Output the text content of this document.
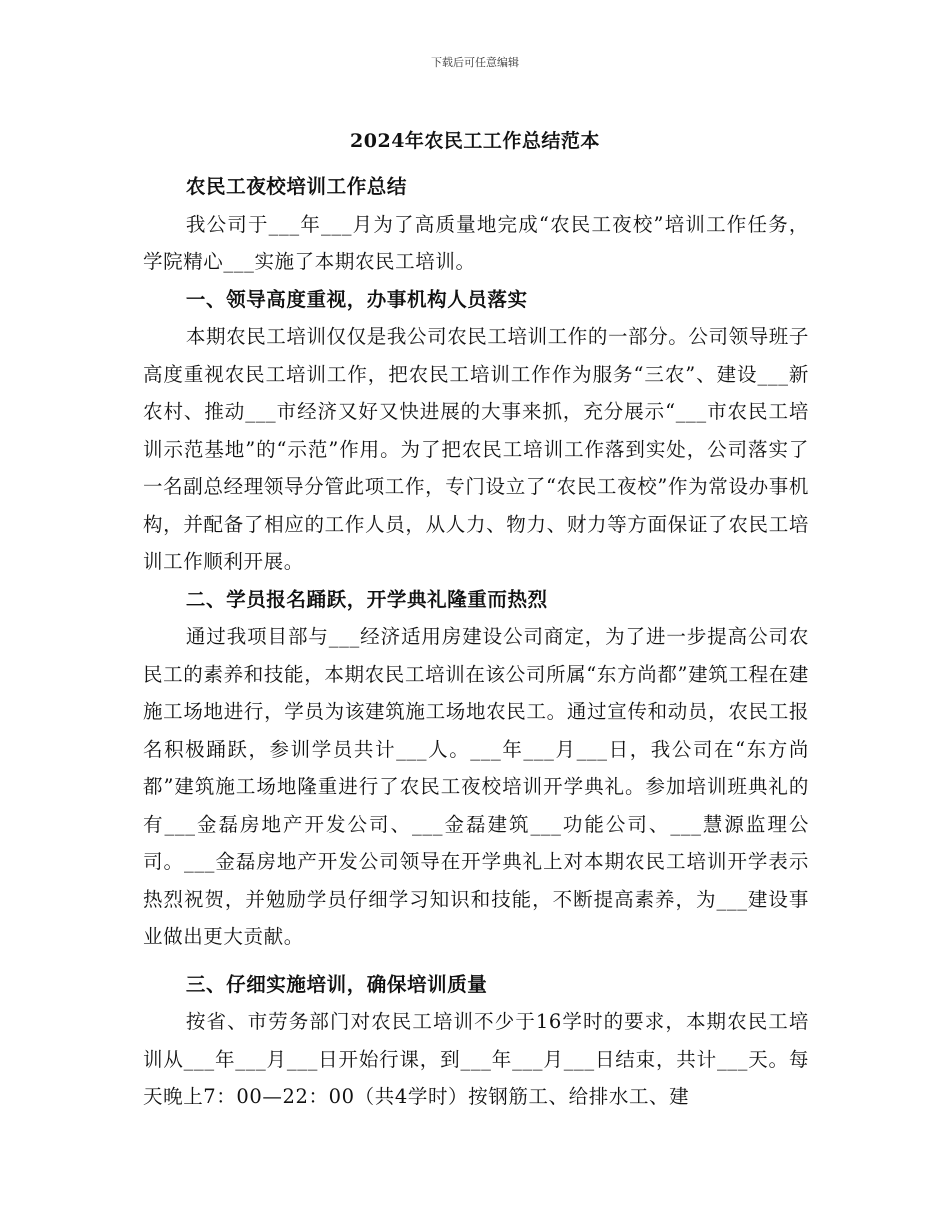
下载后可任意编辑
2024年农民工工作总结范本

农民工夜校培训工作总结

我公司于___年___月为了高质量地完成“农民工夜校”培训工作任务，学院精心___实施了本期农民工培训。

一、领导高度重视，办事机构人员落实

本期农民工培训仅仅是我公司农民工培训工作的一部分。公司领导班子高度重视农民工培训工作，把农民工培训工作作为服务“三农”、建设___新农村、推动___市经济又好又快进展的大事来抓，充分展示“___市农民工培训示范基地”的“示范”作用。为了把农民工培训工作落到实处，公司落实了一名副总经理领导分管此项工作，专门设立了“农民工夜校”作为常设办事机构，并配备了相应的工作人员，从人力、物力、财力等方面保证了农民工培训工作顺利开展。

二、学员报名踊跃，开学典礼隆重而热烈

通过我项目部与___经济适用房建设公司商定，为了进一步提高公司农民工的素养和技能，本期农民工培训在该公司所属“东方尚都”建筑工程在建施工场地进行，学员为该建筑施工场地农民工。通过宣传和动员，农民工报名积极踊跃，参训学员共计___人。___年___月___日，我公司在“东方尚都”建筑施工场地隆重进行了农民工夜校培训开学典礼。参加培训班典礼的有___金磊房地产开发公司、___金磊建筑___功能公司、___慧源监理公司。___金磊房地产开发公司领导在开学典礼上对本期农民工培训开学表示热烈祝贺，并勉励学员仔细学习知识和技能，不断提高素养，为___建设事业做出更大贡献。

三、仔细实施培训，确保培训质量

按省、市劳务部门对农民工培训不少于16学时的要求，本期农民工培训从___年___月___日开始行课，到___年___月___日结束，共计___天。每天晚上7：00—22：00（共4学时）按钢筋工、给排水工、建
